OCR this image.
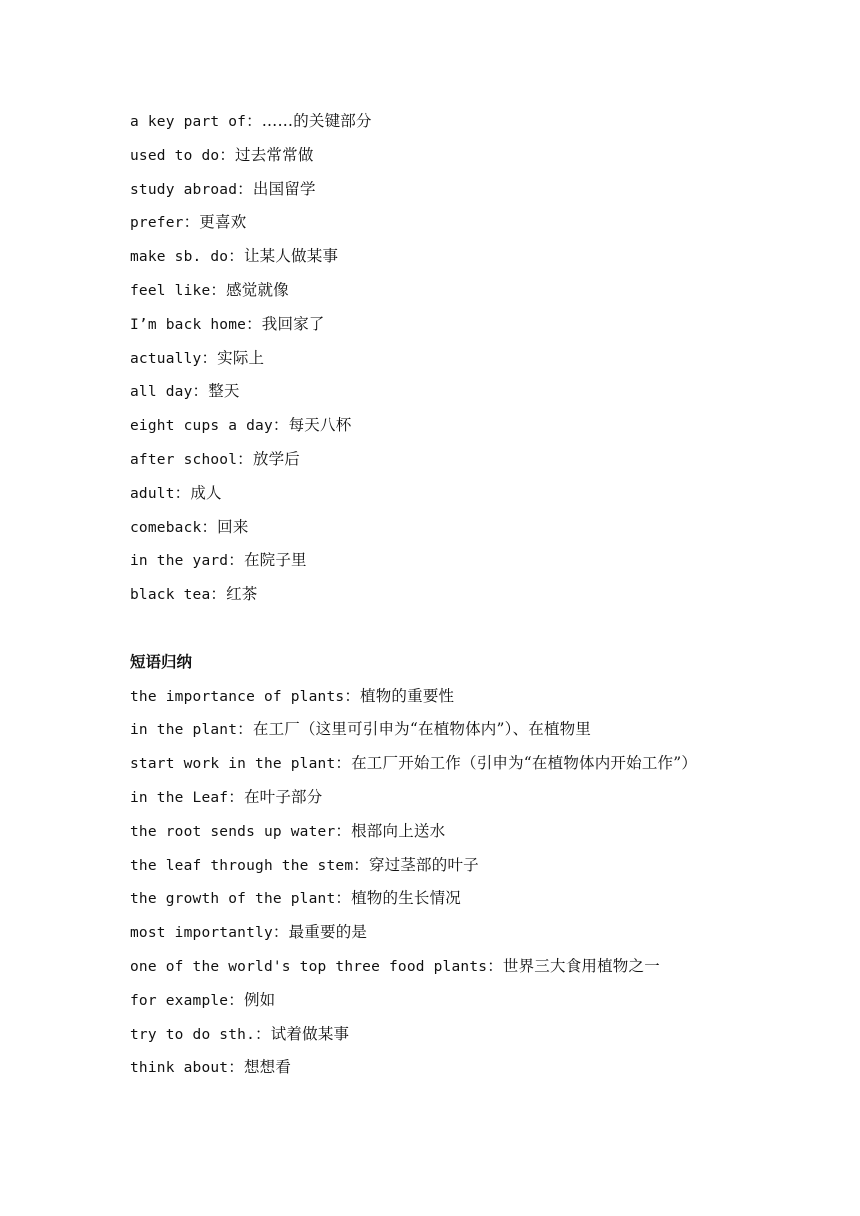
a key part of：……的关键部分
used to do：过去常常做
study abroad：出国留学
prefer：更喜欢
make sb. do：让某人做某事
feel like：感觉就像
I’m back home：我回家了
actually：实际上
all day：整天
eight cups a day：每天八杯
after school：放学后
adult：成人
comeback：回来
in the yard：在院子里
black tea：红茶
短语归纳
the importance of plants：植物的重要性
in the plant：在工厂（这里可引申为“在植物体内”）、在植物里
start work in the plant：在工厂开始工作（引申为“在植物体内开始工作”）
in the Leaf：在叶子部分
the root sends up water：根部向上送水
the leaf through the stem：穿过茎部的叶子
the growth of the plant：植物的生长情况
most importantly：最重要的是
one of the world's top three food plants：世界三大食用植物之一
for example：例如
try to do sth.：试着做某事
think about：想想看
